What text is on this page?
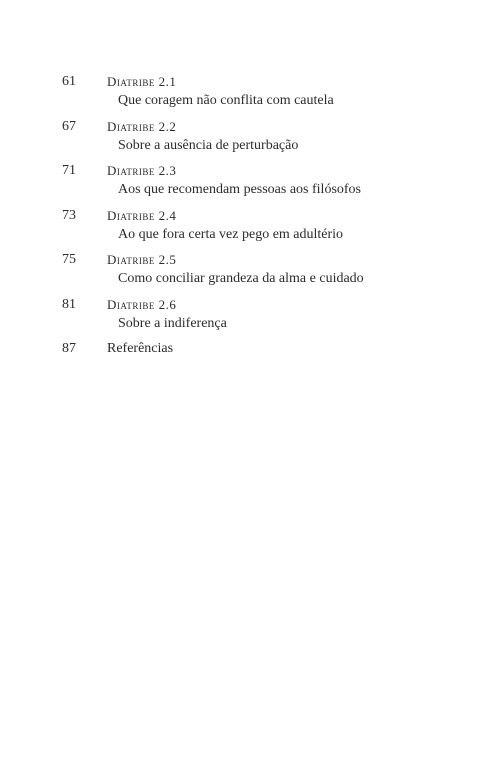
61 Diatribe 2.1
Que coragem não conflita com cautela
67 Diatribe 2.2
Sobre a ausência de perturbação
71 Diatribe 2.3
Aos que recomendam pessoas aos filósofos
73 Diatribe 2.4
Ao que fora certa vez pego em adultério
75 Diatribe 2.5
Como conciliar grandeza da alma e cuidado
81 Diatribe 2.6
Sobre a indiferença
87 Referências
